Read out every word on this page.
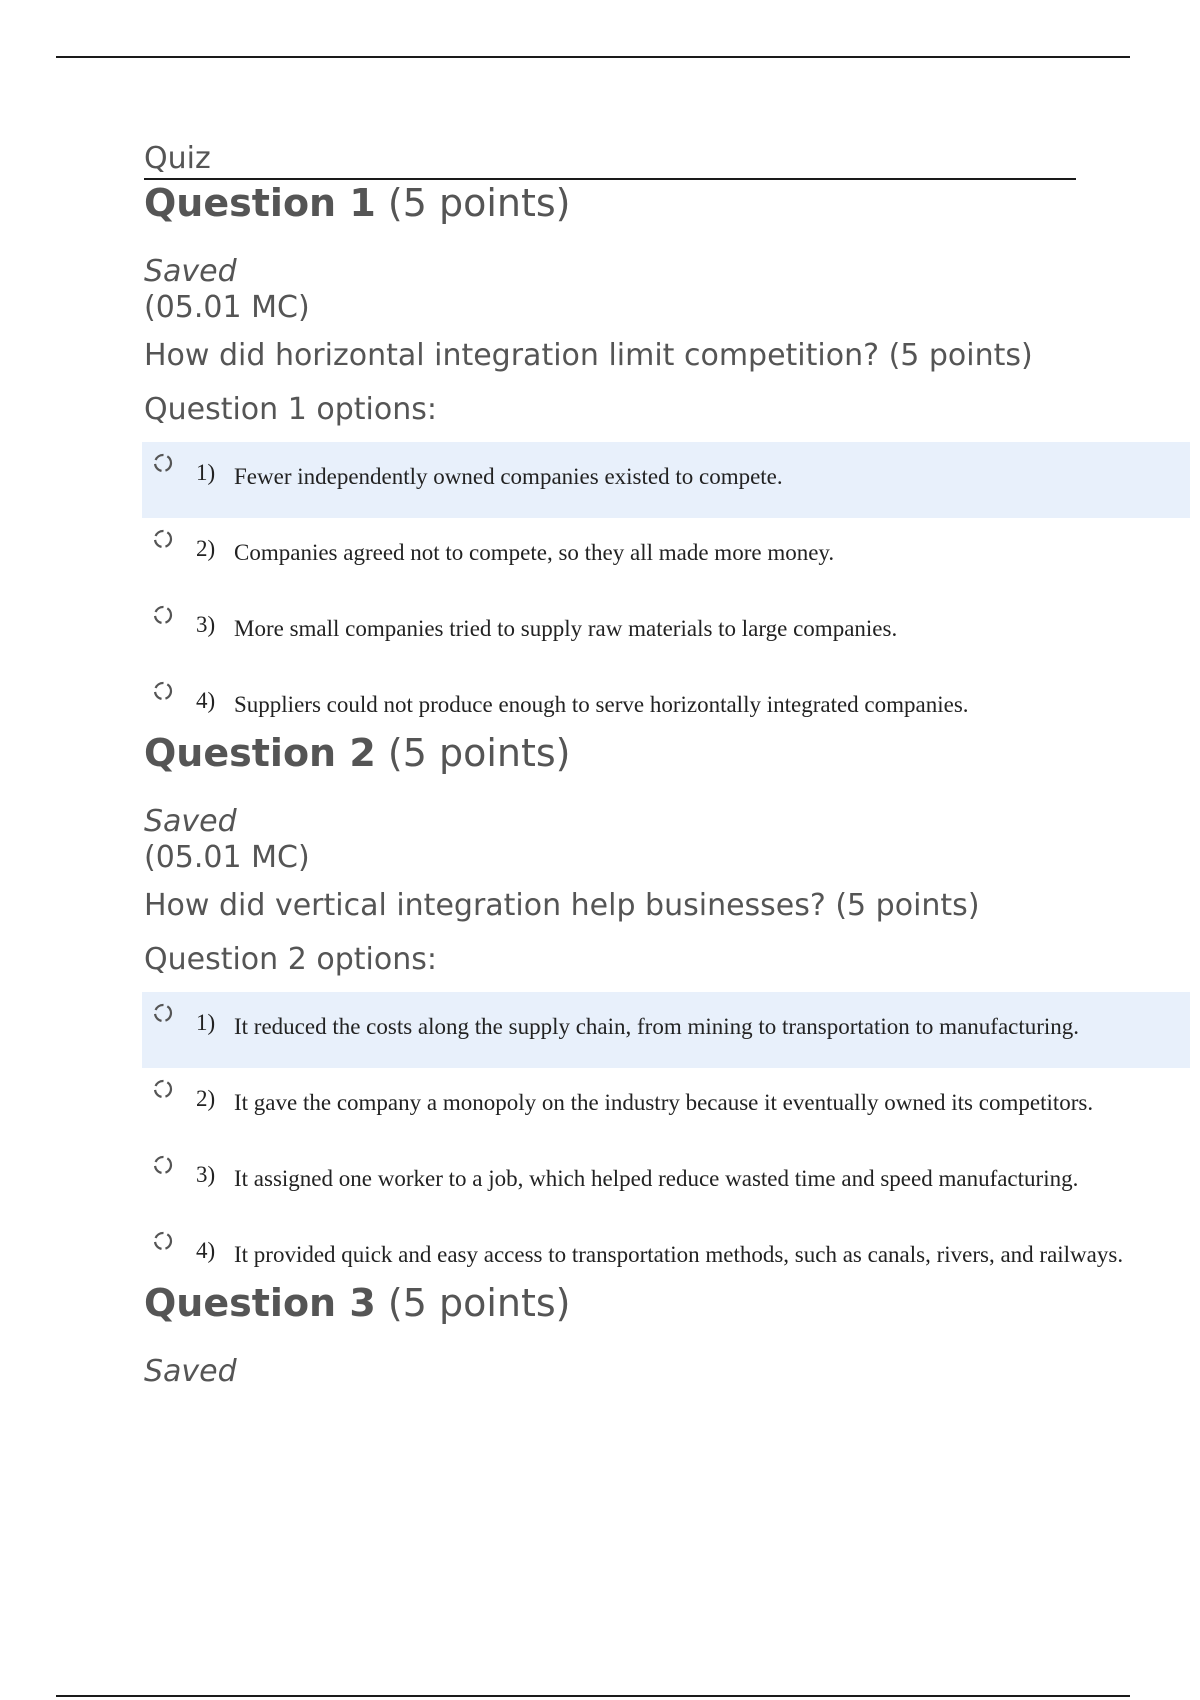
Quiz
Question 1 (5 points)
Saved
(05.01 MC)
How did horizontal integration limit competition? (5 points)
Question 1 options:
1) Fewer independently owned companies existed to compete.
2) Companies agreed not to compete, so they all made more money.
3) More small companies tried to supply raw materials to large companies.
4) Suppliers could not produce enough to serve horizontally integrated companies.
Question 2 (5 points)
Saved
(05.01 MC)
How did vertical integration help businesses? (5 points)
Question 2 options:
1) It reduced the costs along the supply chain, from mining to transportation to manufacturing.
2) It gave the company a monopoly on the industry because it eventually owned its competitors.
3) It assigned one worker to a job, which helped reduce wasted time and speed manufacturing.
4) It provided quick and easy access to transportation methods, such as canals, rivers, and railways.
Question 3 (5 points)
Saved
